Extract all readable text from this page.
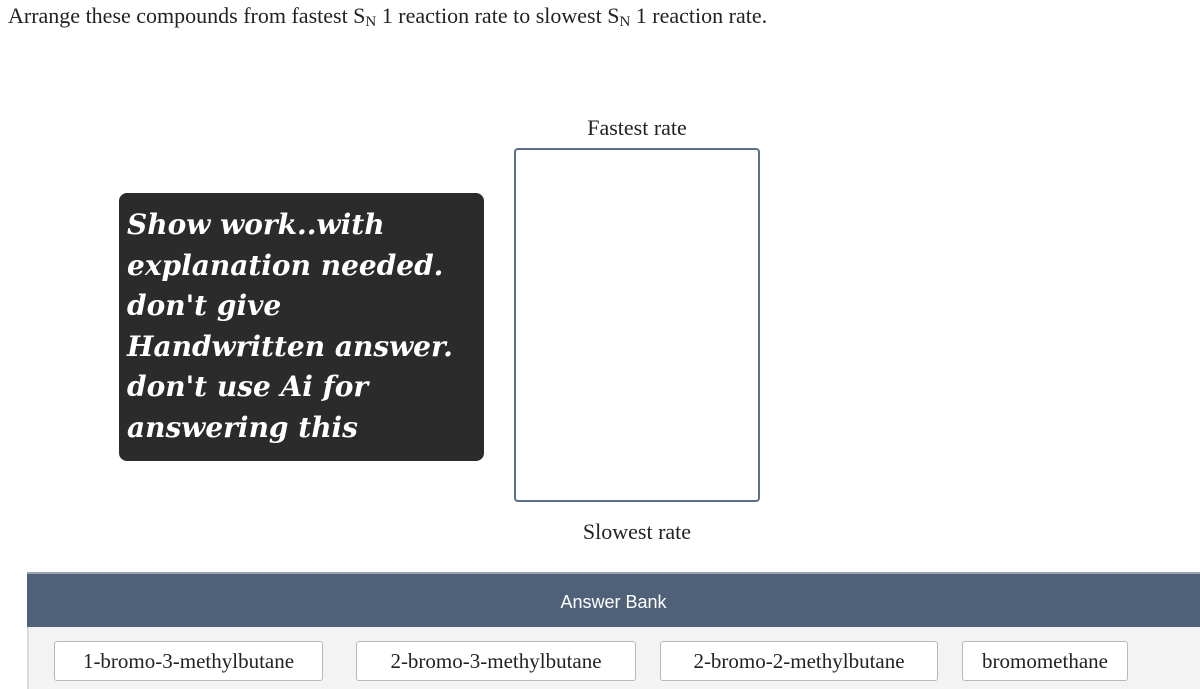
Arrange these compounds from fastest $S_N$ 1 reaction rate to slowest $S_N$ 1 reaction rate.
Fastest rate
Slowest rate
Show work..with
explanation needed.
don't give
Handwritten answer.
don't use Ai for
answering this
Answer Bank
1-bromo-3-methylbutane	2-bromo-3-methylbutane	2-bromo-2-methylbutane	bromomethane
